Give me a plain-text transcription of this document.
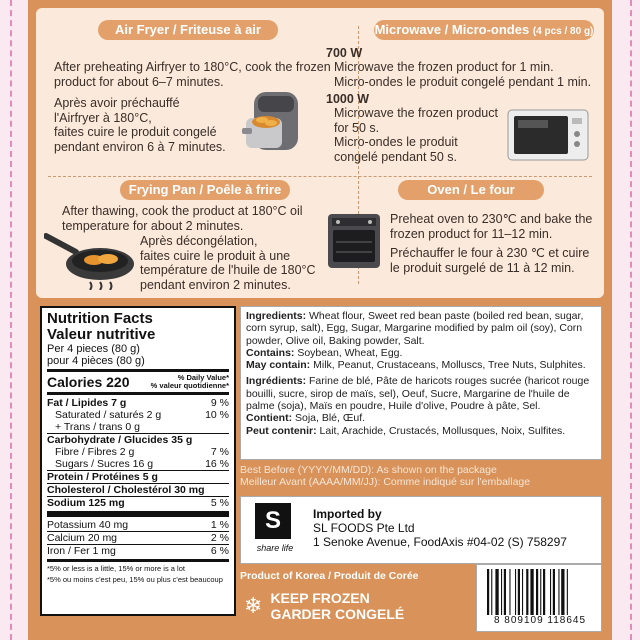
Air Fryer / Friteuse à air
After preheating Airfryer to 180°C, cook the frozen product for about 6–7 minutes.
Après avoir préchauffé
l'Airfryer à 180°C,
faites cuire le produit congelé
pendant environ 6 à 7 minutes.
Microwave / Micro-ondes (4 pcs / 80 g)
700 W
Microwave the frozen product for 1 min.
Micro-ondes le produit congelé pendant 1 min.
1000 W
Microwave the frozen product
for 50 s.
Micro-ondes le produit
congelé pendant 50 s.
Frying Pan / Poêle à frire
After thawing, cook the product at 180°C oil
temperature for about 2 minutes.
Après décongélation,
faites cuire le produit à une
température de l'huile de 180°C
pendant environ 2 minutes.
Oven / Le four
Preheat oven to 230℃ and bake the
frozen product for 11–12 min.
Préchauffer le four à 230 ℃ et cuire
le produit surgelé de 11 à 12 min.
Nutrition Facts
Valeur nutritive
Per 4 pieces (80 g)
pour 4 pièces (80 g)
Calories 220	% Daily Value*
% valeur quotidienne*
Fat / Lipides 7 g	9 %
Saturated / saturés 2 g	10 %
+ Trans / trans 0 g
Carbohydrate / Glucides 35 g
Fibre / Fibres 2 g	7 %
Sugars / Sucres 16 g	16 %
Protein / Protéines 5 g
Cholesterol / Cholestérol 30 mg
Sodium 125 mg	5 %
Potassium 40 mg	1 %
Calcium 20 mg	2 %
Iron / Fer 1 mg	6 %
*5% or less is a little, 15% or more is a lot
*5% ou moins c'est peu, 15% ou plus c'est beaucoup
Ingredients: Wheat flour, Sweet red bean paste (boiled red bean, sugar, corn syrup, salt), Egg, Sugar, Margarine modified by palm oil (soy), Corn powder, Olive oil, Baking powder, Salt.
Contains: Soybean, Wheat, Egg.
May contain: Milk, Peanut, Crustaceans, Molluscs, Tree Nuts, Sulphites.
Ingrédients: Farine de blé, Pâte de haricots rouges sucrée (haricot rouge bouilli, sucre, sirop de maïs, sel), Oeuf, Sucre, Margarine de l'huile de palme (soja), Maïs en poudre, Huile d'olive, Poudre à pâte, Sel.
Contient: Soja, Blé, Œuf.
Peut contenir: Lait, Arachide, Crustacés, Mollusques, Noix, Sulfites.
Best Before (YYYY/MM/DD): As shown on the package
Meilleur Avant (AAAA/MM/JJ): Comme indiqué sur l'emballage
S
share life
Imported by
SL FOODS Pte Ltd
1 Senoke Avenue, FoodAxis #04-02 (S) 758297
Product of Korea / Produit de Corée
❄ KEEP FROZEN
GARDER CONGELÉ	8 809109 118645
